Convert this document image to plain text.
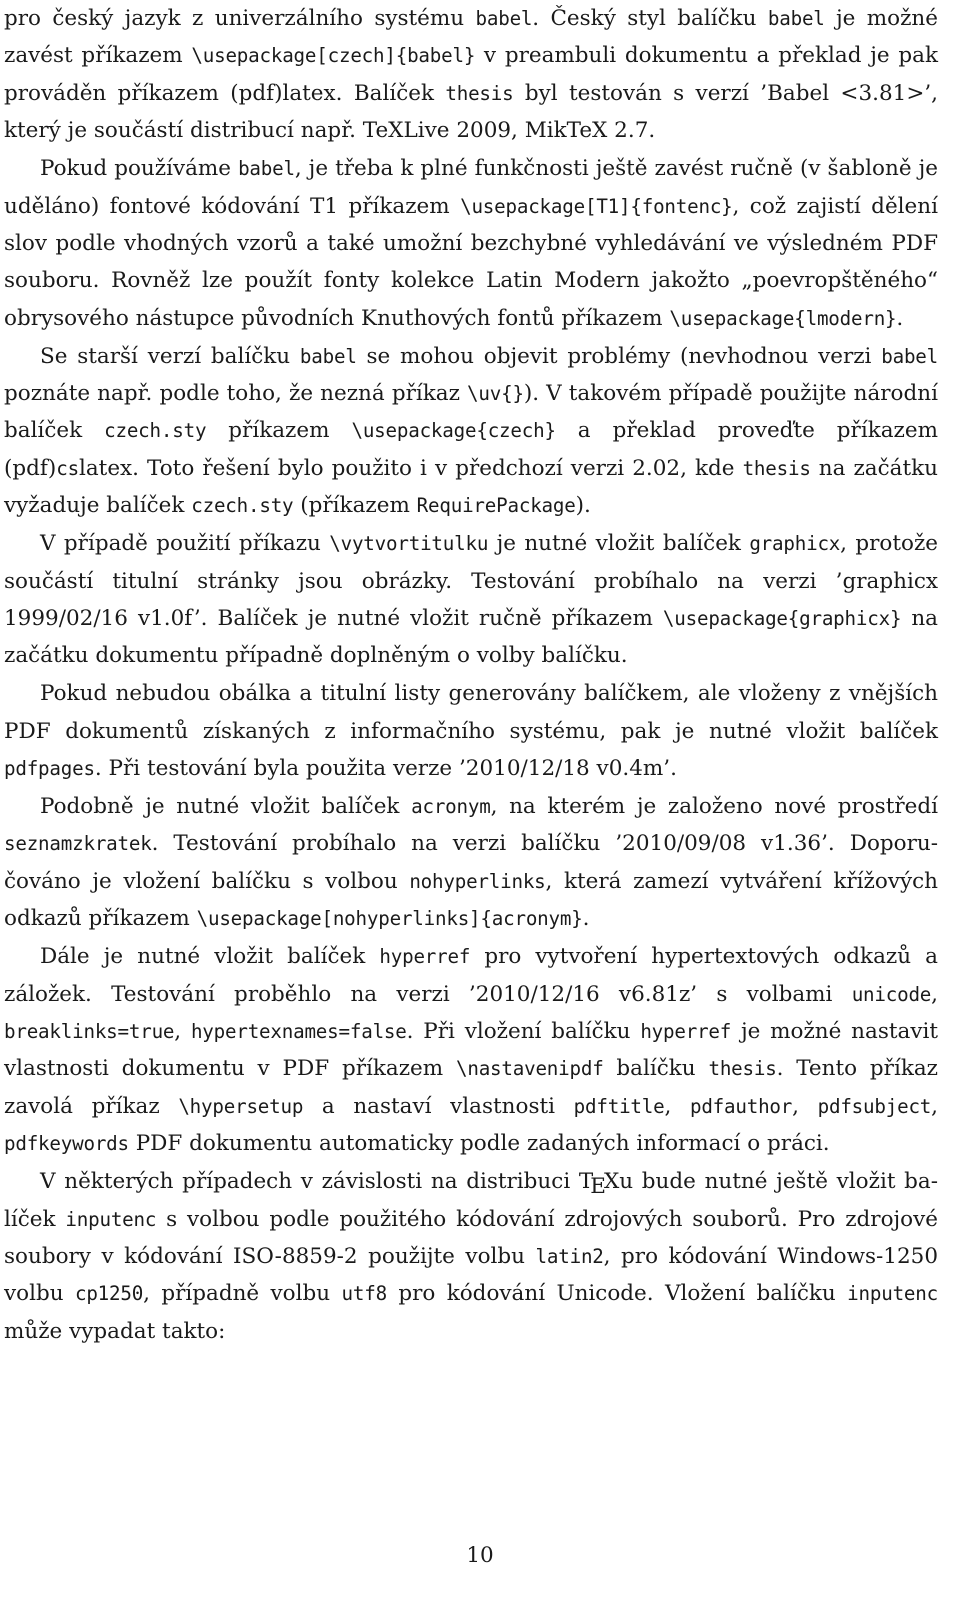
pro český jazyk z univerzálního systému babel. Český styl balíčku babel je možné zavést příkazem \usepackage[czech]{babel} v preambuli dokumentu a překlad je pak prováděn příkazem (pdf)latex. Balíček thesis byl testován s verzí ’Babel <3.81>’, který je součástí distribucí např. TeXLive 2009, MikTeX 2.7.

Pokud používáme babel, je třeba k plné funkčnosti ještě zavést ručně (v šabloně je uděláno) fontové kódování T1 příkazem \usepackage[T1]{fontenc}, což zajistí dělení slov podle vhodných vzorů a také umožní bezchybné vyhledávání ve výsledném PDF souboru. Rovněž lze použít fonty kolekce Latin Modern jakožto „poevropštěného“ obrysového nástupce původních Knuthových fontů příkazem \usepackage{lmodern}.

Se starší verzí balíčku babel se mohou objevit problémy (nevhodnou verzi babel poznáte např. podle toho, že nezná příkaz \uv{}). V takovém případě použijte národní balíček czech.sty příkazem \usepackage{czech} a překlad proveďte příkazem (pdf)cslatex. Toto řešení bylo použito i v předchozí verzi 2.02, kde thesis na začátku vyžaduje balíček czech.sty (příkazem RequirePackage).

V případě použití příkazu \vytvortitulku je nutné vložit balíček graphicx, protože součástí titulní stránky jsou obrázky. Testování probíhalo na verzi ’graphicx 1999/02/16 v1.0f’. Balíček je nutné vložit ručně příkazem \usepackage{graphicx} na začátku dokumentu případně doplněným o volby balíčku.

Pokud nebudou obálka a titulní listy generovány balíčkem, ale vloženy z vnějších PDF dokumentů získaných z informačního systému, pak je nutné vložit balíček pdfpages. Při testování byla použita verze ’2010/12/18 v0.4m’.

Podobně je nutné vložit balíček acronym, na kterém je založeno nové prostředí seznamzkratek. Testování probíhalo na verzi balíčku ’2010/09/08 v1.36’. Doporučováno je vložení balíčku s volbou nohyperlinks, která zamezí vytváření křížových odkazů příkazem \usepackage[nohyperlinks]{acronym}.

Dále je nutné vložit balíček hyperref pro vytvoření hypertextových odkazů a záložek. Testování proběhlo na verzi ’2010/12/16 v6.81z’ s volbami unicode, breaklinks=true, hypertexnames=false. Při vložení balíčku hyperref je možné nastavit vlastnosti dokumentu v PDF příkazem \nastavenipdf balíčku thesis. Tento příkaz zavolá příkaz \hypersetup a nastaví vlastnosti pdftitle, pdfauthor, pdfsubject, pdfkeywords PDF dokumentu automaticky podle zadaných informací o práci.

V některých případech v závislosti na distribuci TEXu bude nutné ještě vložit balíček inputenc s volbou podle použitého kódování zdrojových souborů. Pro zdrojové soubory v kódování ISO-8859-2 použijte volbu latin2, pro kódování Windows-1250 volbu cp1250, případně volbu utf8 pro kódování Unicode. Vložení balíčku inputenc může vypadat takto:

10
